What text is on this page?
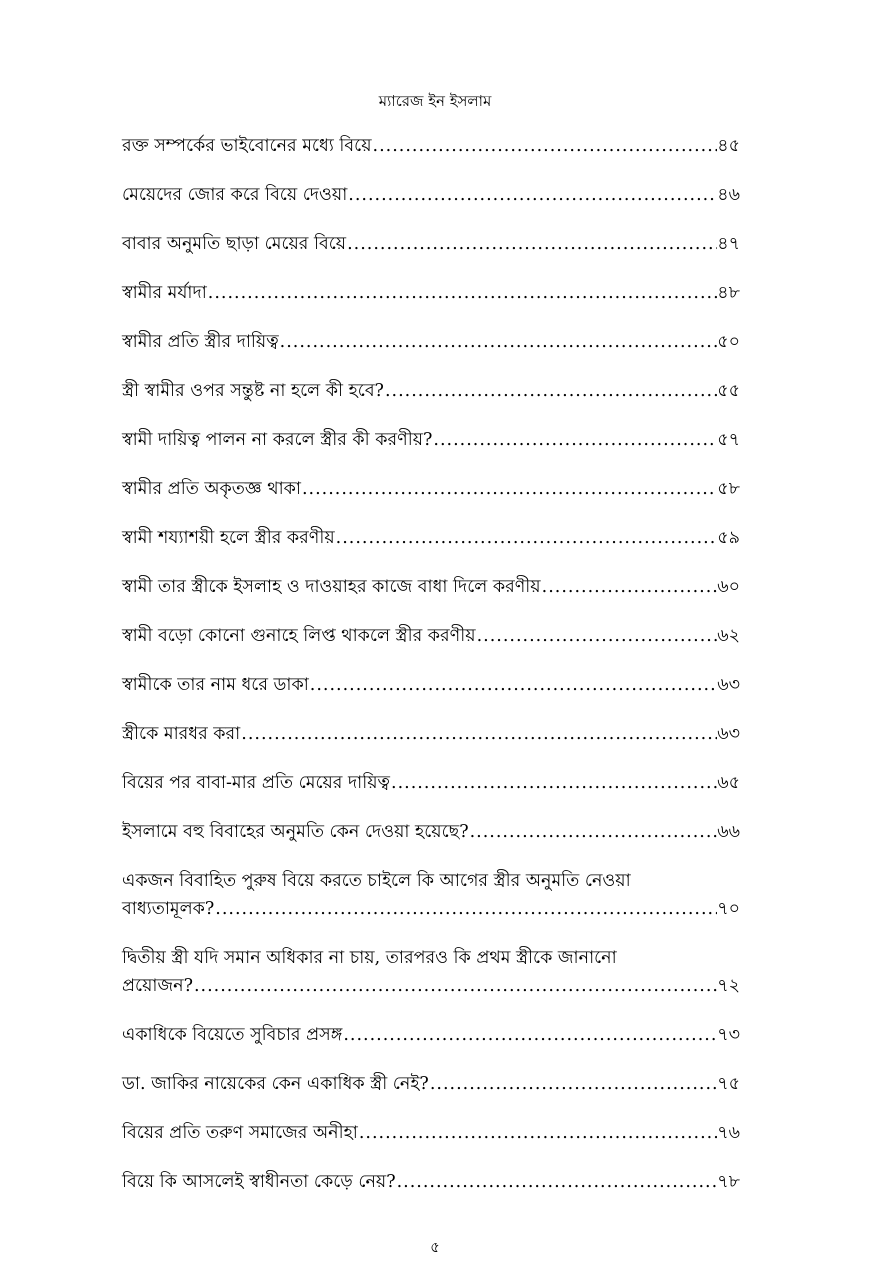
ম্যারেজ ইন ইসলাম
রক্ত সম্পর্কের ভাইবোনের মধ্যে বিয়ে .....	৪৫
মেয়েদের জোর করে বিয়ে দেওয়া .....	৪৬
বাবার অনুমতি ছাড়া মেয়ের বিয়ে .....	৪৭
স্বামীর মর্যাদা .....	৪৮
স্বামীর প্রতি স্ত্রীর দায়িত্ব .....	৫০
স্ত্রী স্বামীর ওপর সন্তুষ্ট না হলে কী হবে? .....	৫৫
স্বামী দায়িত্ব পালন না করলে স্ত্রীর কী করণীয়? .....	৫৭
স্বামীর প্রতি অকৃতজ্ঞ থাকা .....	৫৮
স্বামী শয্যাশয়ী হলে স্ত্রীর করণীয় .....	৫৯
স্বামী তার স্ত্রীকে ইসলাহ ও দাওয়াহর কাজে বাধা দিলে করণীয় .....	৬০
স্বামী বড়ো কোনো গুনাহে লিপ্ত থাকলে স্ত্রীর করণীয় .....	৬২
স্বামীকে তার নাম ধরে ডাকা .....	৬৩
স্ত্রীকে মারধর করা .....	৬৩
বিয়ের পর বাবা-মার প্রতি মেয়ের দায়িত্ব .....	৬৫
ইসলামে বহু বিবাহের অনুমতি কেন দেওয়া হয়েছে? .....	৬৬
একজন বিবাহিত পুরুষ বিয়ে করতে চাইলে কি আগের স্ত্রীর অনুমতি নেওয়া
বাধ্যতামূলক? .....	৭০
দ্বিতীয় স্ত্রী যদি সমান অধিকার না চায়, তারপরও কি প্রথম স্ত্রীকে জানানো
প্রয়োজন? .....	৭২
একাধিকে বিয়েতে সুবিচার প্রসঙ্গ .....	৭৩
ডা. জাকির নায়েকের কেন একাধিক স্ত্রী নেই? .....	৭৫
বিয়ের প্রতি তরুণ সমাজের অনীহা .....	৭৬
বিয়ে কি আসলেই স্বাধীনতা কেড়ে নেয়? .....	৭৮
৫
